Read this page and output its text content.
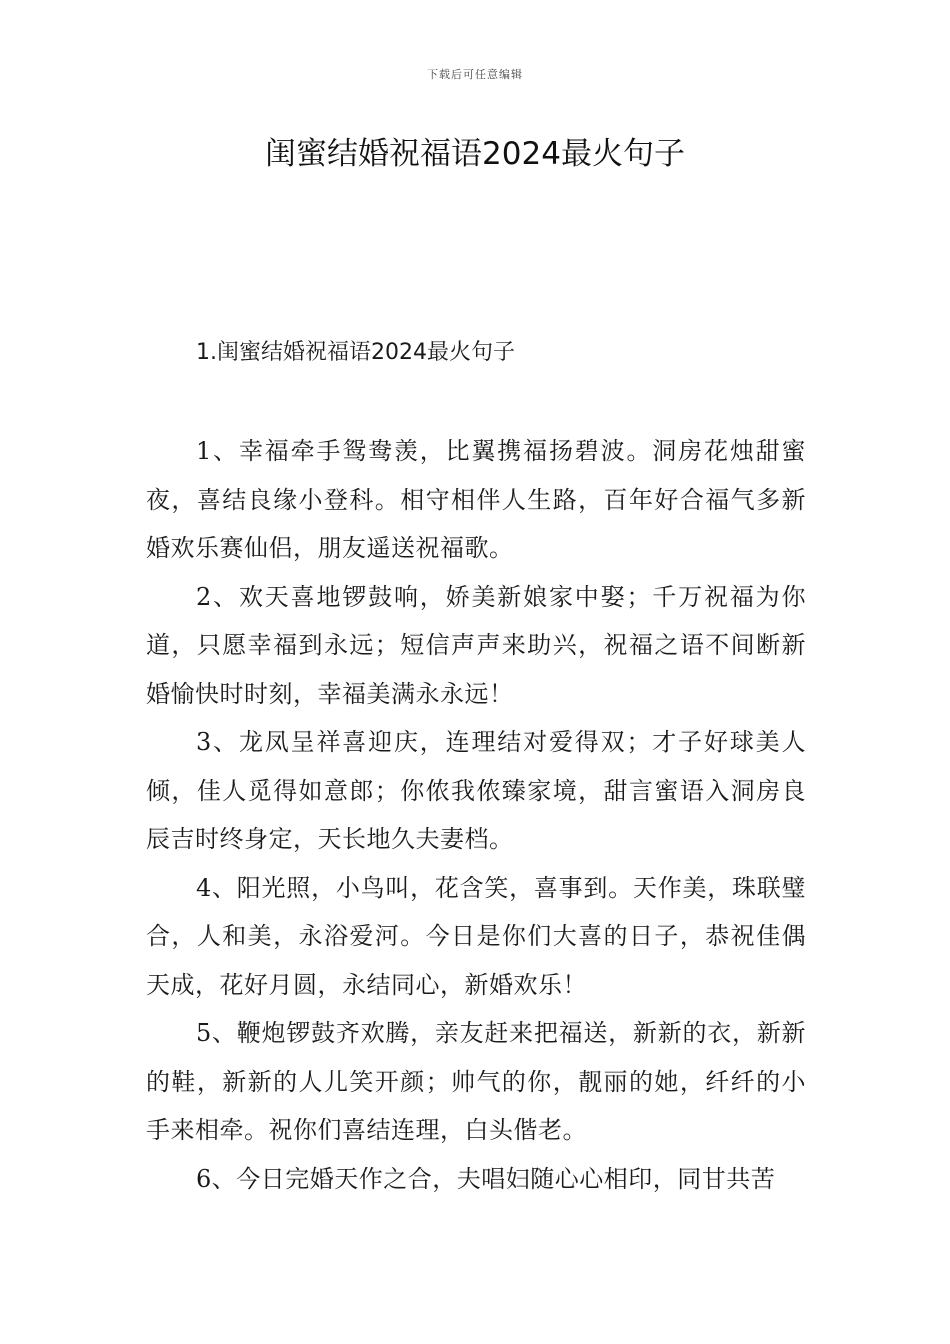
下载后可任意编辑
闺蜜结婚祝福语2024最火句子
1.闺蜜结婚祝福语2024最火句子

1、幸福牵手鸳鸯羡，比翼携福扬碧波。洞房花烛甜蜜夜，喜结良缘小登科。相守相伴人生路，百年好合福气多新婚欢乐赛仙侣，朋友遥送祝福歌。

2、欢天喜地锣鼓响，娇美新娘家中娶；千万祝福为你道，只愿幸福到永远；短信声声来助兴，祝福之语不间断新婚愉快时时刻，幸福美满永永远！

3、龙凤呈祥喜迎庆，连理结对爱得双；才子好球美人倾，佳人觅得如意郎；你侬我侬臻家境，甜言蜜语入洞房良辰吉时终身定，天长地久夫妻档。

4、阳光照，小鸟叫，花含笑，喜事到。天作美，珠联璧合，人和美，永浴爱河。今日是你们大喜的日子，恭祝佳偶天成，花好月圆，永结同心，新婚欢乐！

5、鞭炮锣鼓齐欢腾，亲友赶来把福送，新新的衣，新新的鞋，新新的人儿笑开颜；帅气的你，靓丽的她，纤纤的小手来相牵。祝你们喜结连理，白头偕老。

6、今日完婚天作之合，夫唱妇随心心相印，同甘共苦
